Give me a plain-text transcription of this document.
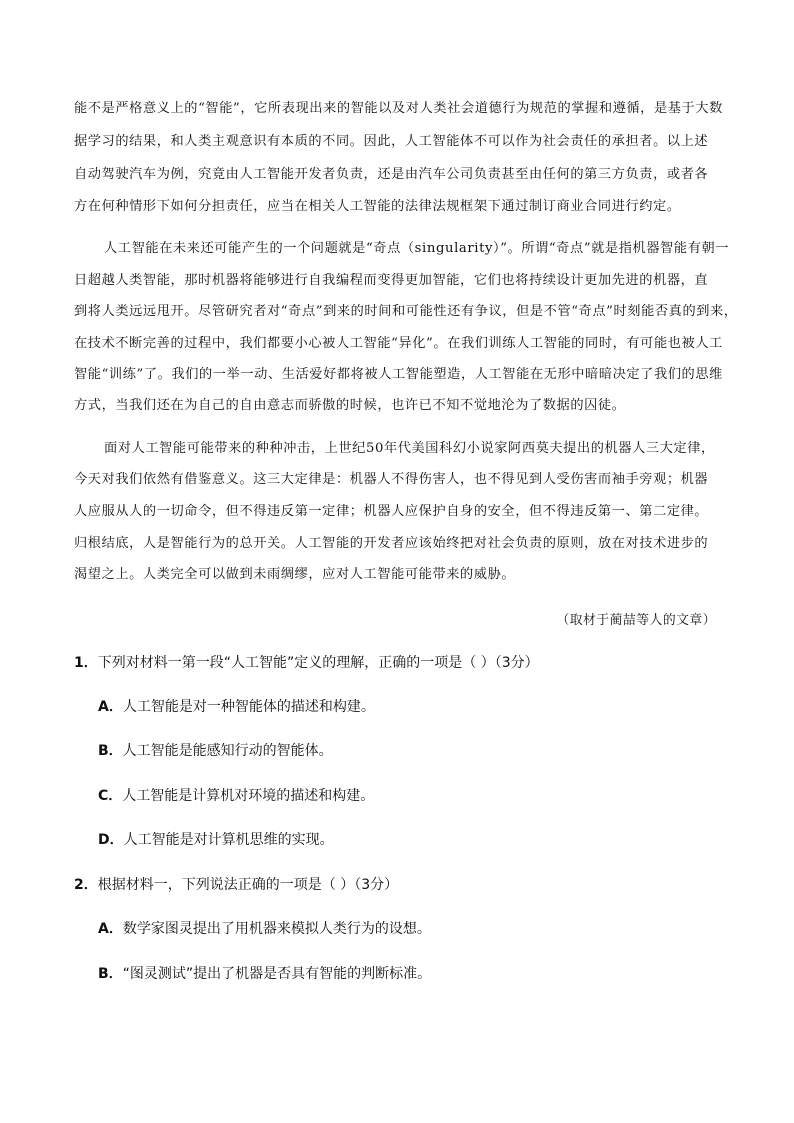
能不是严格意义上的“智能”，它所表现出来的智能以及对人类社会道德行为规范的掌握和遵循，是基于大数
据学习的结果，和人类主观意识有本质的不同。因此，人工智能体不可以作为社会责任的承担者。以上述
自动驾驶汽车为例，究竟由人工智能开发者负责，还是由汽车公司负责甚至由任何的第三方负责，或者各
方在何种情形下如何分担责任，应当在相关人工智能的法律法规框架下通过制订商业合同进行约定。
人工智能在未来还可能产生的一个问题就是“奇点（singularity）”。所谓“奇点”就是指机器智能有朝一
日超越人类智能，那时机器将能够进行自我编程而变得更加智能，它们也将持续设计更加先进的机器，直
到将人类远远甩开。尽管研究者对“奇点”到来的时间和可能性还有争议，但是不管“奇点”时刻能否真的到来，
在技术不断完善的过程中，我们都要小心被人工智能“异化”。在我们训练人工智能的同时，有可能也被人工
智能“训练”了。我们的一举一动、生活爱好都将被人工智能塑造，人工智能在无形中暗暗决定了我们的思维
方式，当我们还在为自己的自由意志而骄傲的时候，也许已不知不觉地沦为了数据的囚徒。
面对人工智能可能带来的种种冲击，上世纪50年代美国科幻小说家阿西莫夫提出的机器人三大定律，
今天对我们依然有借鉴意义。这三大定律是：机器人不得伤害人，也不得见到人受伤害而袖手旁观；机器
人应服从人的一切命令，但不得违反第一定律；机器人应保护自身的安全，但不得违反第一、第二定律。
归根结底，人是智能行为的总开关。人工智能的开发者应该始终把对社会负责的原则，放在对技术进步的
渴望之上。人类完全可以做到未雨绸缪，应对人工智能可能带来的威胁。
（取材于蔺喆等人的文章）
1．下列对材料一第一段“人工智能”定义的理解，正确的一项是（ ）（3分）
A．人工智能是对一种智能体的描述和构建。
B．人工智能是能感知行动的智能体。
C．人工智能是计算机对环境的描述和构建。
D．人工智能是对计算机思维的实现。
2．根据材料一，下列说法正确的一项是（ ）（3分）
A．数学家图灵提出了用机器来模拟人类行为的设想。
B．“图灵测试”提出了机器是否具有智能的判断标准。
